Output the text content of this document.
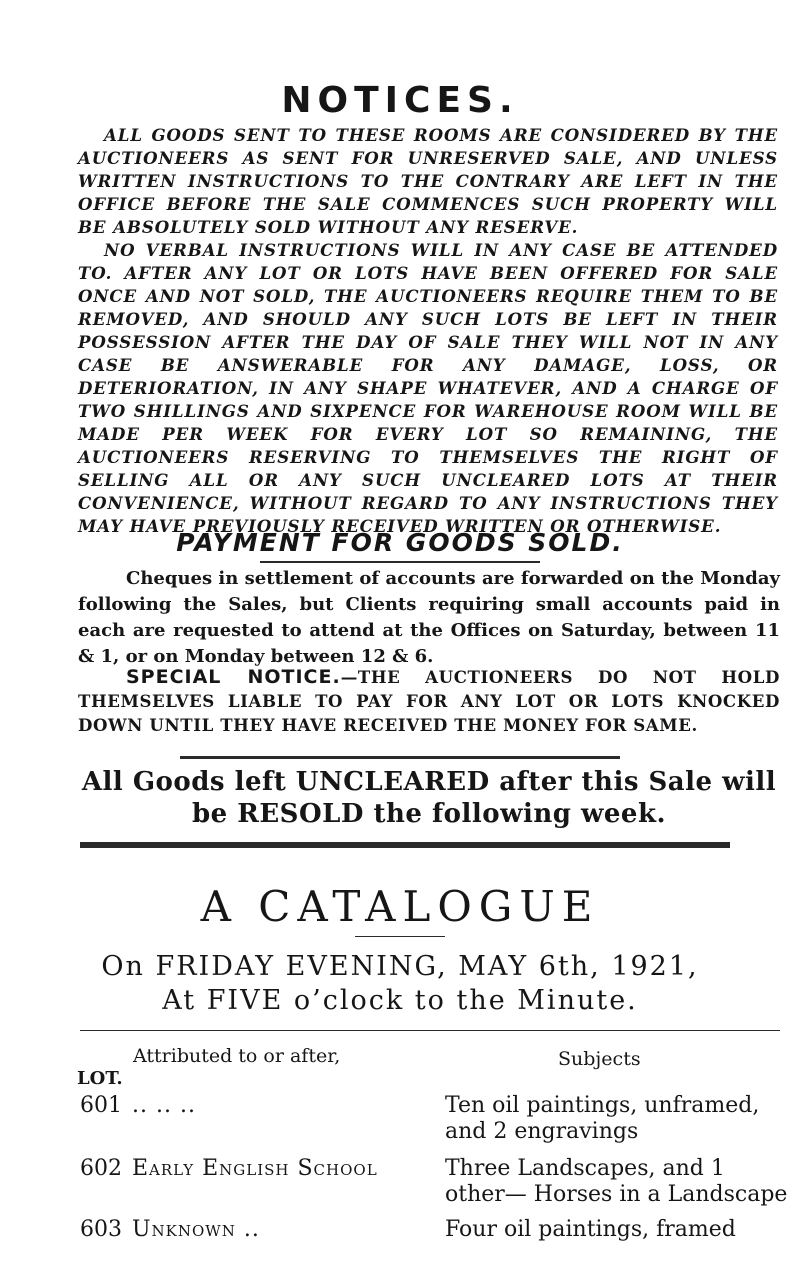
NOTICES.

ALL GOODS SENT TO THESE ROOMS ARE CONSIDERED BY THE AUCTIONEERS AS SENT FOR UNRESERVED SALE, AND UNLESS WRITTEN INSTRUCTIONS TO THE CONTRARY ARE LEFT IN THE OFFICE BEFORE THE SALE COMMENCES SUCH PROPERTY WILL BE ABSOLUTELY SOLD WITHOUT ANY RESERVE.

NO VERBAL INSTRUCTIONS WILL IN ANY CASE BE ATTENDED TO. AFTER ANY LOT OR LOTS HAVE BEEN OFFERED FOR SALE ONCE AND NOT SOLD, THE AUCTIONEERS REQUIRE THEM TO BE REMOVED, AND SHOULD ANY SUCH LOTS BE LEFT IN THEIR POSSESSION AFTER THE DAY OF SALE THEY WILL NOT IN ANY CASE BE ANSWERABLE FOR ANY DAMAGE, LOSS, OR DETERIORATION, IN ANY SHAPE WHATEVER, AND A CHARGE OF TWO SHILLINGS AND SIXPENCE FOR WAREHOUSE ROOM WILL BE MADE PER WEEK FOR EVERY LOT SO REMAINING, THE AUCTIONEERS RESERVING TO THEMSELVES THE RIGHT OF SELLING ALL OR ANY SUCH UNCLEARED LOTS AT THEIR CONVENIENCE, WITHOUT REGARD TO ANY INSTRUCTIONS THEY MAY HAVE PREVIOUSLY RECEIVED WRITTEN OR OTHERWISE.

PAYMENT FOR GOODS SOLD.

Cheques in settlement of accounts are forwarded on the Monday following the Sales, but Clients requiring small accounts paid in each are requested to attend at the Offices on Saturday, between 11 & 1, or on Monday between 12 & 6.

SPECIAL NOTICE.—THE AUCTIONEERS DO NOT HOLD THEMSELVES LIABLE TO PAY FOR ANY LOT OR LOTS KNOCKED DOWN UNTIL THEY HAVE RECEIVED THE MONEY FOR SAME.

All Goods left UNCLEARED after this Sale will be RESOLD the following week.

A CATALOGUE
On FRIDAY EVENING, MAY 6th, 1921,
At FIVE o’clock to the Minute.
Attributed to or after,	Subjects
LOT.
601 .. .. ..	Ten oil paintings, unframed, and 2 engravings
602 Early English School	Three Landscapes, and 1 other— Horses in a Landscape
603 Unknown ..	Four oil paintings, framed
